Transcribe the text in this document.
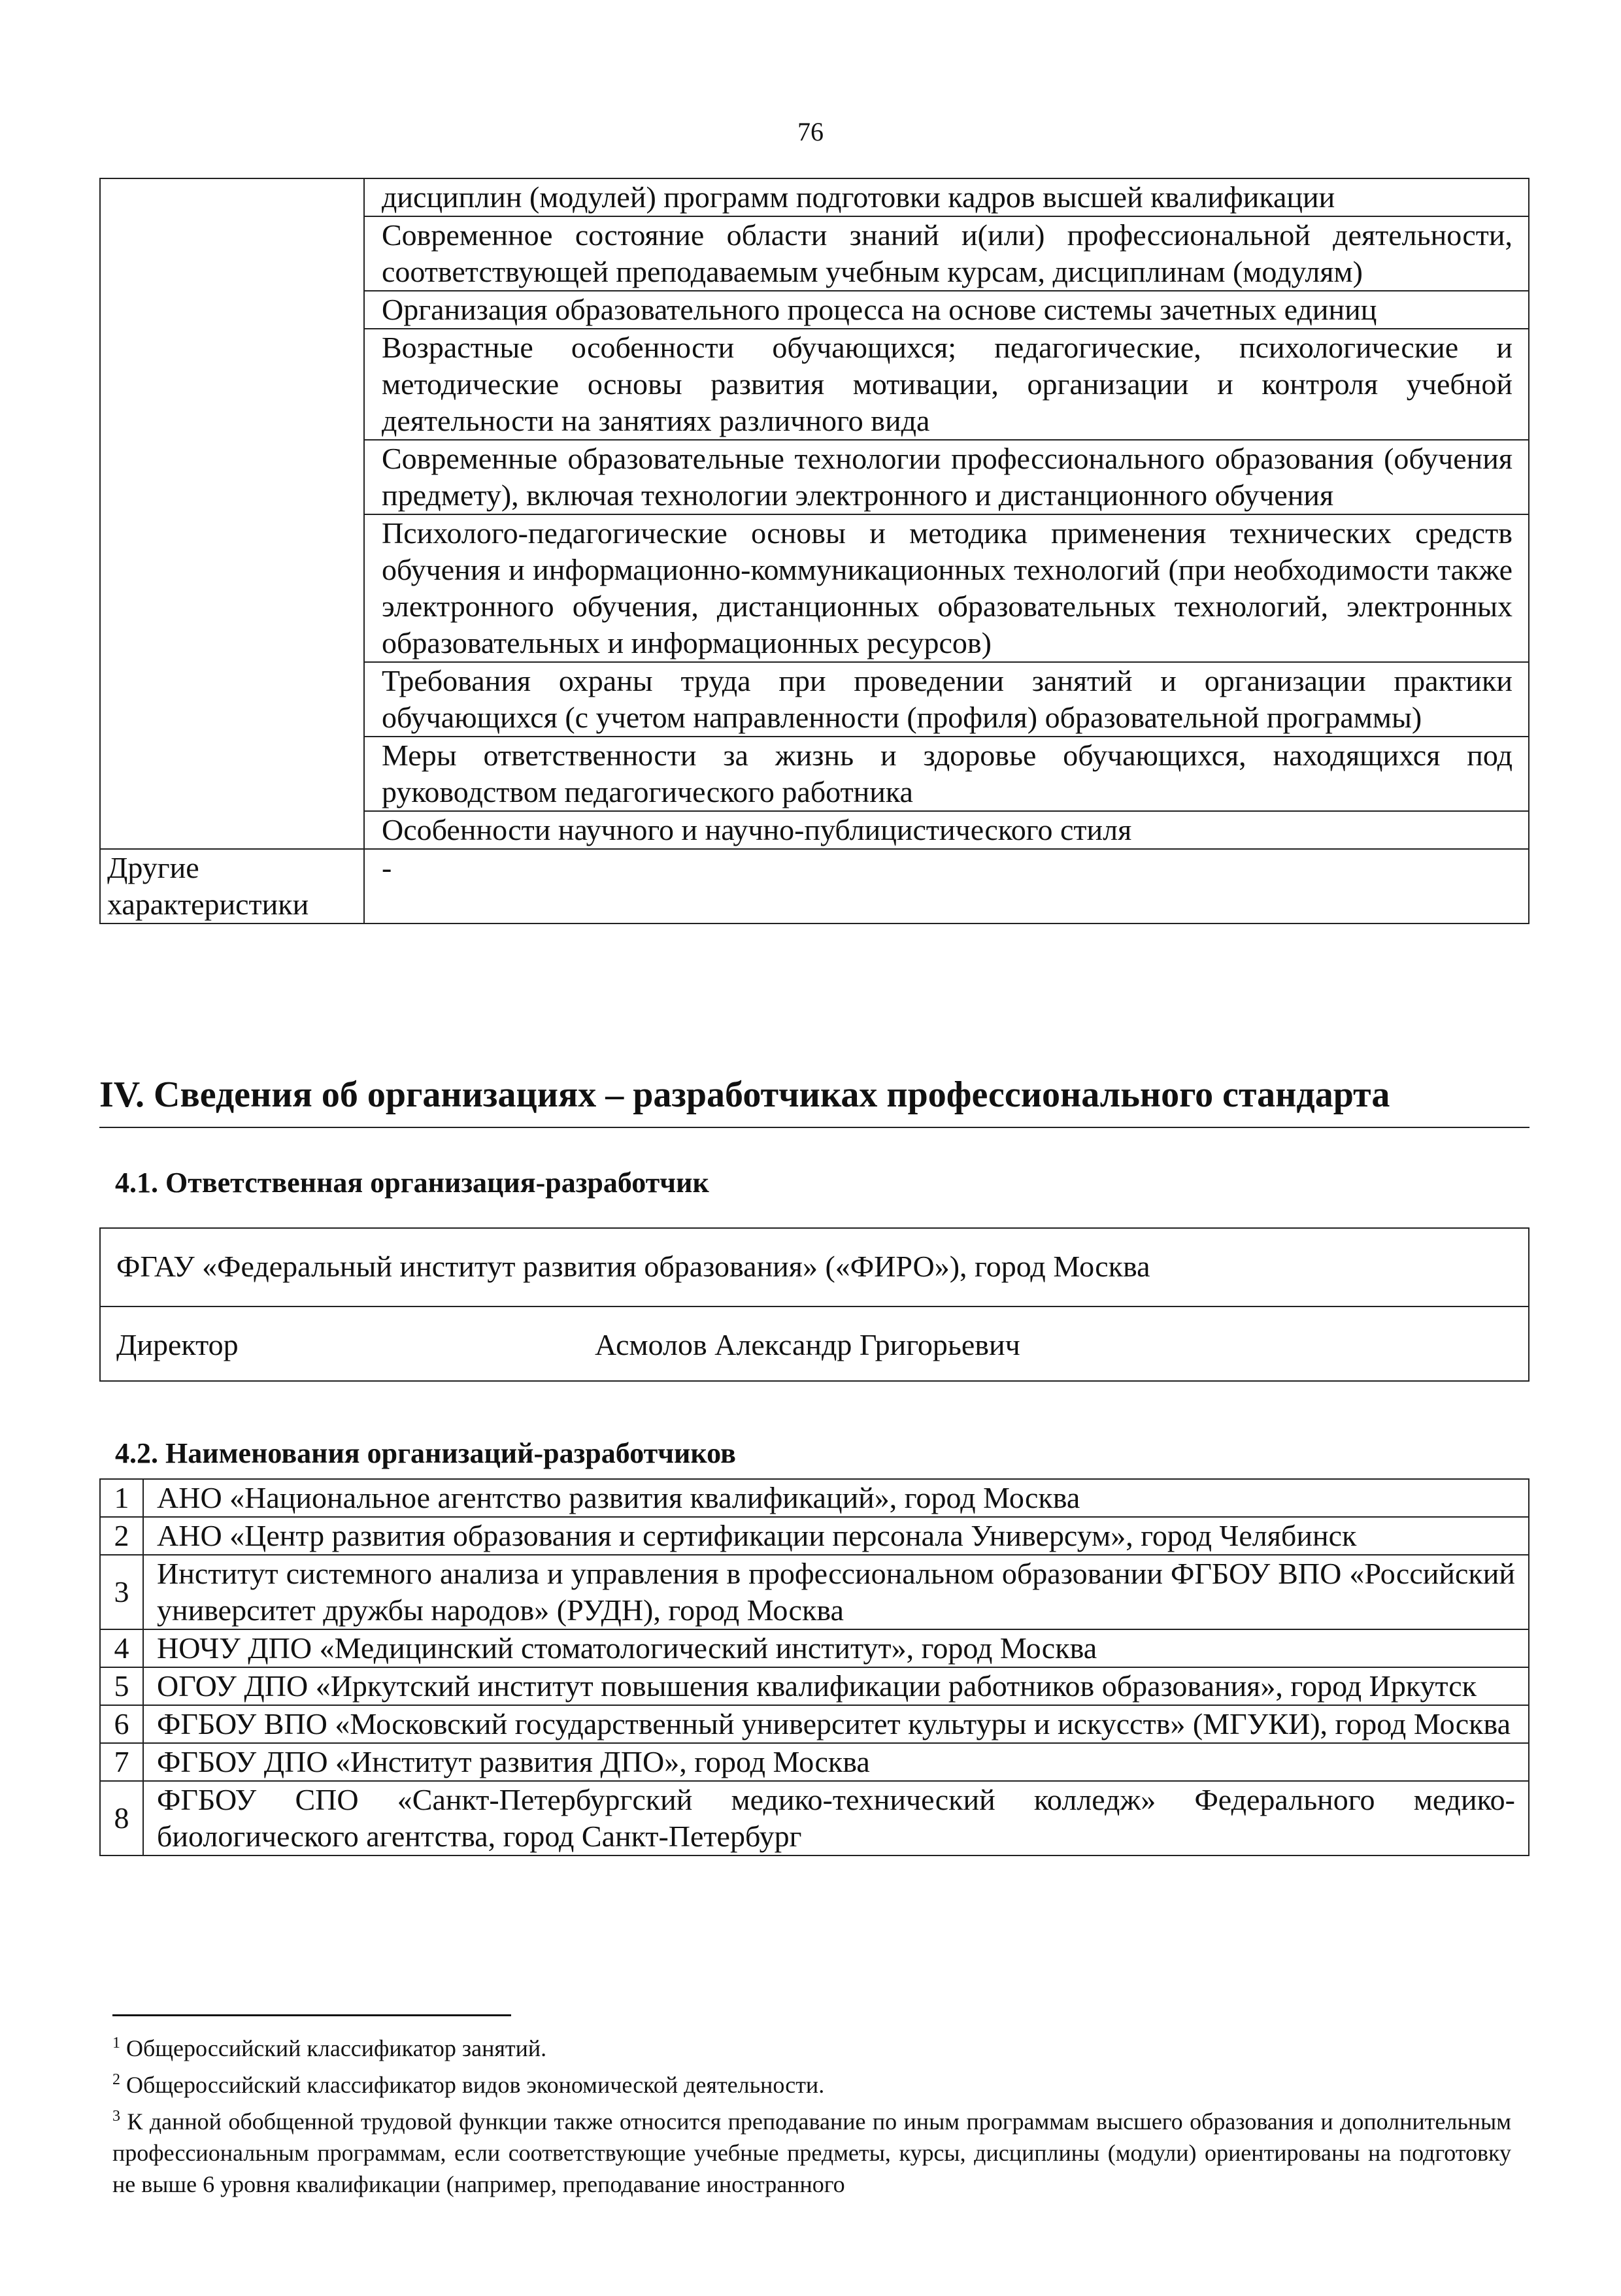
76
	дисциплин (модулей) программ подготовки кадров высшей квалификации
	Современное состояние области знаний и(или) профессиональной деятельности, соответствующей преподаваемым учебным курсам, дисциплинам (модулям)
	Организация образовательного процесса на основе системы зачетных единиц
	Возрастные особенности обучающихся; педагогические, психологические и методические основы развития мотивации, организации и контроля учебной деятельности на занятиях различного вида
	Современные образовательные технологии профессионального образования (обучения предмету), включая технологии электронного и дистанционного обучения
	Психолого-педагогические основы и методика применения технических средств обучения и информационно-коммуникационных технологий (при необходимости также электронного обучения, дистанционных образовательных технологий, электронных образовательных и информационных ресурсов)
	Требования охраны труда при проведении занятий и организации практики обучающихся (с учетом направленности (профиля) образовательной программы)
	Меры ответственности за жизнь и здоровье обучающихся, находящихся под руководством педагогического работника
	Особенности научного и научно-публицистического стиля
Другие характеристики	-
IV. Сведения об организациях – разработчиках профессионального стандарта
4.1. Ответственная организация-разработчик
ФГАУ «Федеральный институт развития образования» («ФИРО»), город Москва
Директор	Асмолов Александр Григорьевич
4.2. Наименования организаций-разработчиков
1	АНО «Национальное агентство развития квалификаций», город Москва
2	АНО «Центр развития образования и сертификации персонала Универсум», город Челябинск
3	Институт системного анализа и управления в профессиональном образовании ФГБОУ ВПО «Российский университет дружбы народов» (РУДН), город Москва
4	НОЧУ ДПО «Медицинский стоматологический институт», город Москва
5	ОГОУ ДПО «Иркутский институт повышения квалификации работников образования», город Иркутск
6	ФГБОУ ВПО «Московский государственный университет культуры и искусств» (МГУКИ), город Москва
7	ФГБОУ ДПО «Институт развития ДПО», город Москва
8	ФГБОУ СПО «Санкт-Петербургский медико-технический колледж» Федерального медико-биологического агентства, город Санкт-Петербург

$^1$ Общероссийский классификатор занятий.

$^2$ Общероссийский классификатор видов экономической деятельности.

$^3$ К данной обобщенной трудовой функции также относится преподавание по иным программам высшего образования и дополнительным профессиональным программам, если соответствующие учебные предметы, курсы, дисциплины (модули) ориентированы на подготовку не выше 6 уровня квалификации (например, преподавание иностранного
